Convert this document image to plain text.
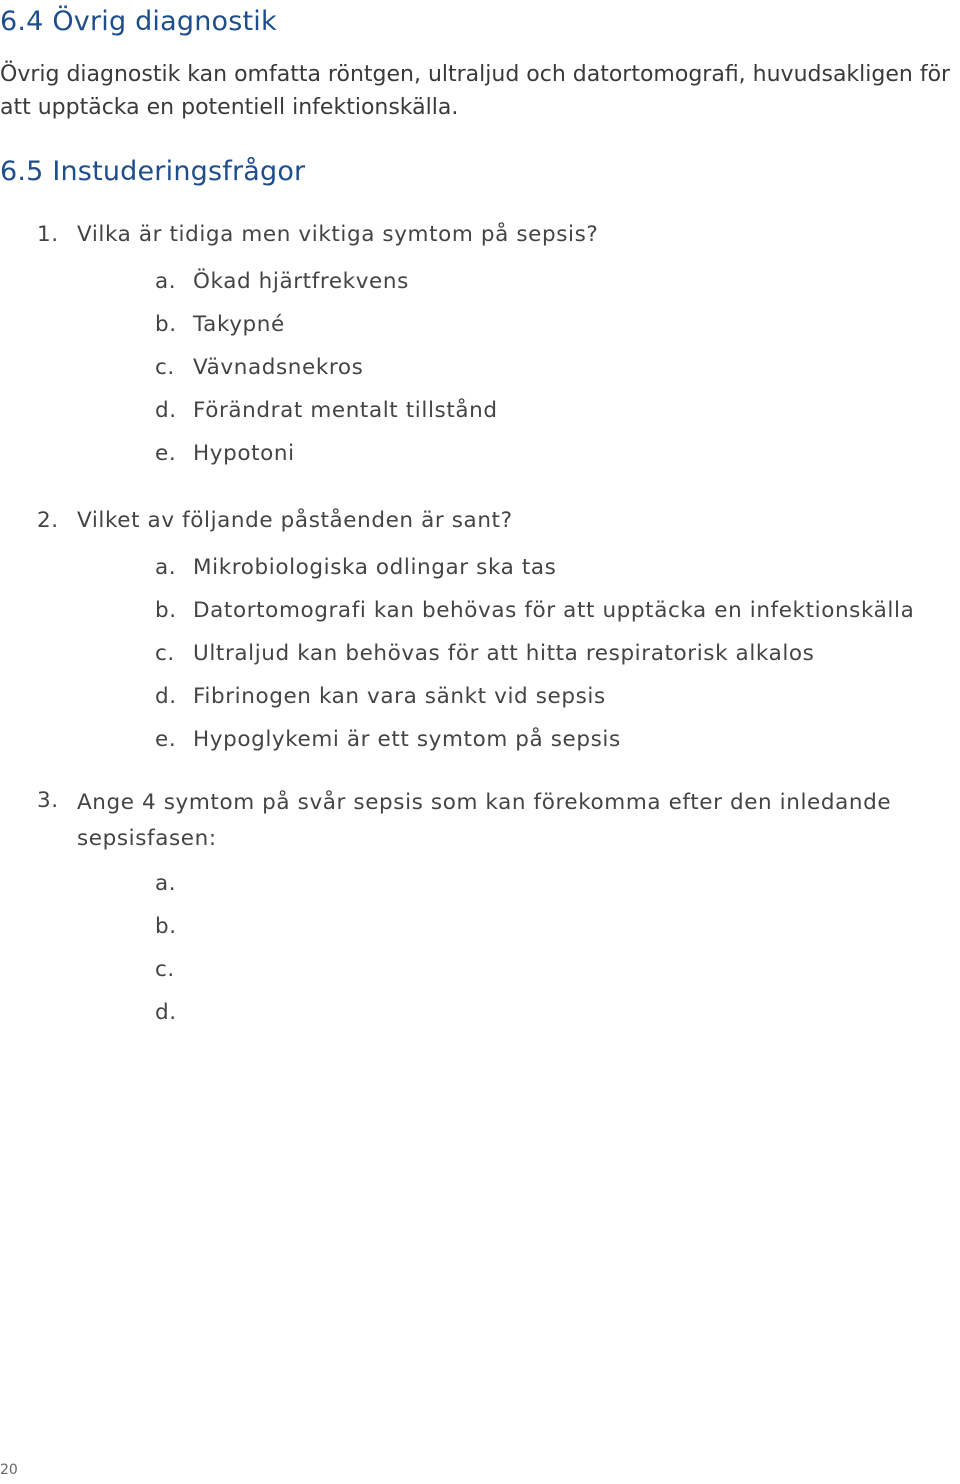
6.4 Övrig diagnostik

Övrig diagnostik kan omfatta röntgen, ultraljud och datortomografi, huvudsakligen för att upptäcka en potentiell infektionskälla.

6.5 Instuderingsfrågor
1. Vilka är tidiga men viktiga symtom på sepsis?
a. Ökad hjärtfrekvens
b. Takypné
c. Vävnadsnekros
d. Förändrat mentalt tillstånd
e. Hypotoni
2. Vilket av följande påståenden är sant?
a. Mikrobiologiska odlingar ska tas
b. Datortomografi kan behövas för att upptäcka en infektionskälla
c. Ultraljud kan behövas för att hitta respiratorisk alkalos
d. Fibrinogen kan vara sänkt vid sepsis
e. Hypoglykemi är ett symtom på sepsis
3. Ange 4 symtom på svår sepsis som kan förekomma efter den inledande sepsisfasen:
a.
b.
c.
d.
20
